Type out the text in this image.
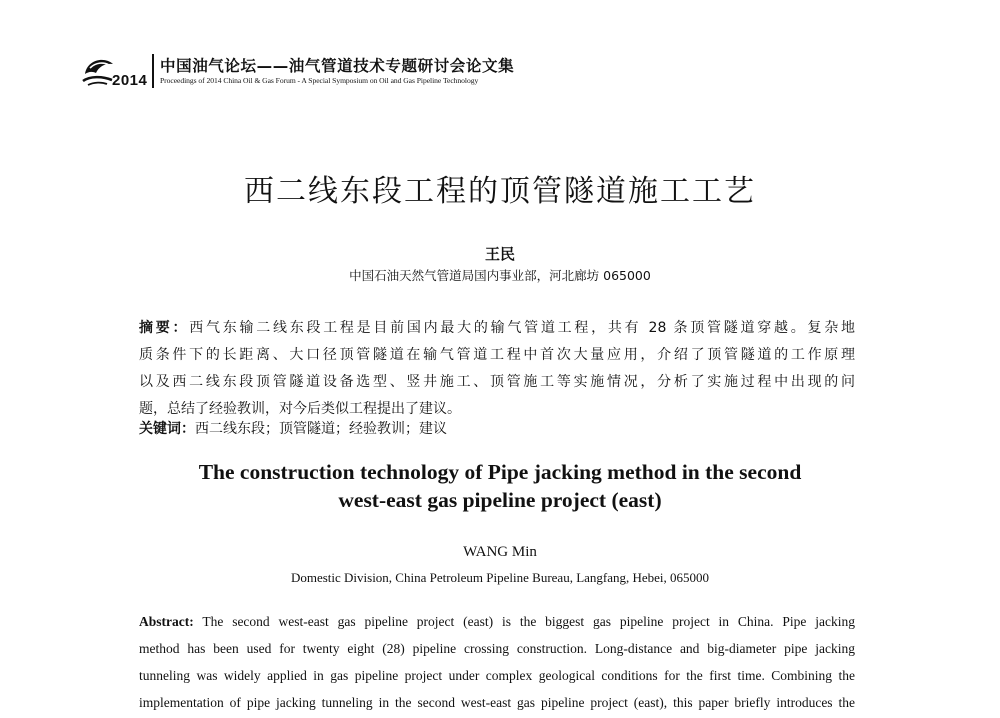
2014
中国油气论坛——油气管道技术专题研讨会论文集
Proceedings of 2014 China Oil & Gas Forum - A Special Symposium on Oil and Gas Pipeline Technology
西二线东段工程的顶管隧道施工工艺
王民
中国石油天然气管道局国内事业部，河北廊坊 065000

摘要：西气东输二线东段工程是目前国内最大的输气管道工程，共有 28 条顶管隧道穿越。复杂地

质条件下的长距离、大口径顶管隧道在输气管道工程中首次大量应用，介绍了顶管隧道的工作原理

以及西二线东段顶管隧道设备选型、竖井施工、顶管施工等实施情况，分析了实施过程中出现的问

题，总结了经验教训，对今后类似工程提出了建议。

关键词：西二线东段；顶管隧道；经验教训；建议
The construction technology of Pipe jacking method in the second
west-east gas pipeline project (east)
WANG Min
Domestic Division, China Petroleum Pipeline Bureau, Langfang, Hebei, 065000

Abstract: The second west-east gas pipeline project (east) is the biggest gas pipeline project in China. Pipe jacking

method has been used for twenty eight (28) pipeline crossing construction. Long-distance and big-diameter pipe jacking

tunneling was widely applied in gas pipeline project under complex geological conditions for the first time. Combining the

implementation of pipe jacking tunneling in the second west-east gas pipeline project (east), this paper briefly introduces the
